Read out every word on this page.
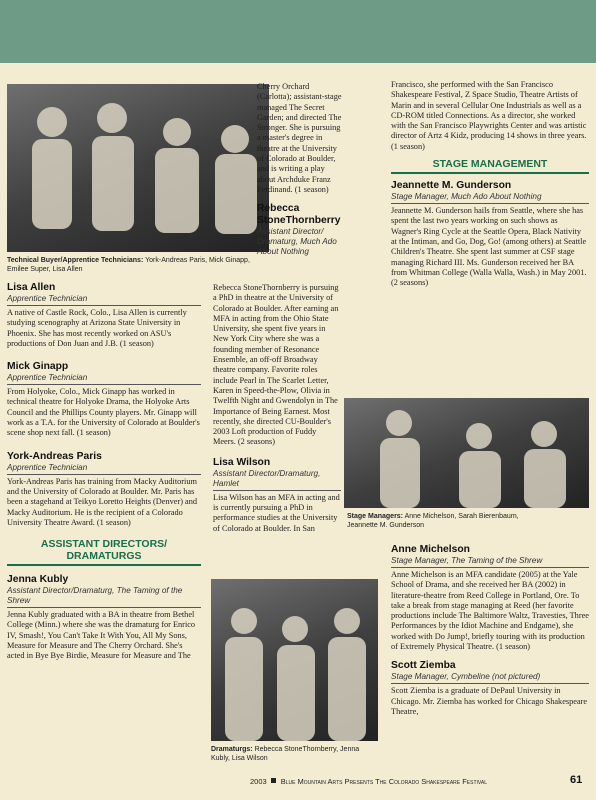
Technical Buyer/Apprentice Technicians: York-Andreas Paris, Mick Ginapp, Emilee Super, Lisa Allen
Lisa Allen
Apprentice Technician

A native of Castle Rock, Colo., Lisa Allen is currently studying scenography at Arizona State University in Phoenix. She has most recently worked on ASU's productions of Don Juan and J.B. (1 season)

Mick Ginapp
Apprentice Technician

From Holyoke, Colo., Mick Ginapp has worked in technical theatre for Holyoke Drama, the Holyoke Arts Council and the Phillips County players. Mr. Ginapp will work as a T.A. for the University of Colorado at Boulder's scene shop next fall. (1 season)

York-Andreas Paris
Apprentice Technician

York-Andreas Paris has training from Macky Auditorium and the University of Colorado at Boulder. Mr. Paris has been a stagehand at Teikyo Loretto Heights (Denver) and Macky Auditorium. He is the recipient of a Colorado University Theatre Award. (1 season)

ASSISTANT DIRECTORS/ DRAMATURGS
Jenna Kubly
Assistant Director/Dramaturg, The Taming of the Shrew

Jenna Kubly graduated with a BA in theatre from Bethel College (Minn.) where she was the dramaturg for Enrico IV, Smash!, You Can't Take It With You, All My Sons, Measure for Measure and The Cherry Orchard. She's acted in Bye Bye Birdie, Measure for Measure and The

Cherry Orchard (Carlotta); assistant-stage managed The Secret Garden; and directed The Stronger. She is pursuing a master's degree in theatre at the University of Colorado at Boulder, and is writing a play about Archduke Franz Ferdinand. (1 season)

Rebecca StoneThornberry
Assistant Director/ Dramaturg, Much Ado About Nothing

Rebecca StoneThornberry is pursuing a PhD in theatre at the University of Colorado at Boulder. After earning an MFA in acting from the Ohio State University, she spent five years in New York City where she was a founding member of Resonance Ensemble, an off-off Broadway theatre company. Favorite roles include Pearl in The Scarlet Letter, Karen in Speed-the-Plow, Olivia in Twelfth Night and Gwendolyn in The Importance of Being Earnest. Most recently, she directed CU-Boulder's 2003 Loft production of Fuddy Meers. (2 seasons)

Lisa Wilson
Assistant Director/Dramaturg, Hamlet

Lisa Wilson has an MFA in acting and is currently pursuing a PhD in performance studies at the University of Colorado at Boulder. In San

Dramaturgs: Rebecca StoneThornberry, Jenna Kubly, Lisa Wilson

Francisco, she performed with the San Francisco Shakespeare Festival, Z Space Studio, Theatre Artists of Marin and in several Cellular One Industrials as well as a CD-ROM titled Connections. As a director, she worked with the San Francisco Playwrights Center and was artistic director of Artz 4 Kidz, producing 14 shows in three years. (1 season)

STAGE MANAGEMENT
Jeannette M. Gunderson
Stage Manager, Much Ado About Nothing

Jeannette M. Gunderson hails from Seattle, where she has spent the last two years working on such shows as Wagner's Ring Cycle at the Seattle Opera, Black Nativity at the Intiman, and Go, Dog, Go! (among others) at Seattle Children's Theatre. She spent last summer at CSF stage managing Richard III. Ms. Gunderson received her BA from Whitman College (Walla Walla, Wash.) in May 2001. (2 seasons)

Stage Managers: Anne Michelson, Sarah Bierenbaum, Jeannette M. Gunderson
Anne Michelson
Stage Manager, The Taming of the Shrew

Anne Michelson is an MFA candidate (2005) at the Yale School of Drama, and she received her BA (2002) in literature-theatre from Reed College in Portland, Ore. To take a break from stage managing at Reed (her favorite productions include The Baltimore Waltz, Travesties, Three Performances by the Idiot Machine and Endgame), she worked with Do Jump!, briefly touring with its production of Extremely Physical Theatre. (1 season)

Scott Ziemba
Stage Manager, Cymbeline (not pictured)

Scott Ziemba is a graduate of DePaul University in Chicago. Mr. Ziemba has worked for Chicago Shakespeare Theatre,

2003 Blue Mountain Arts Presents The Colorado Shakespeare Festival	61
